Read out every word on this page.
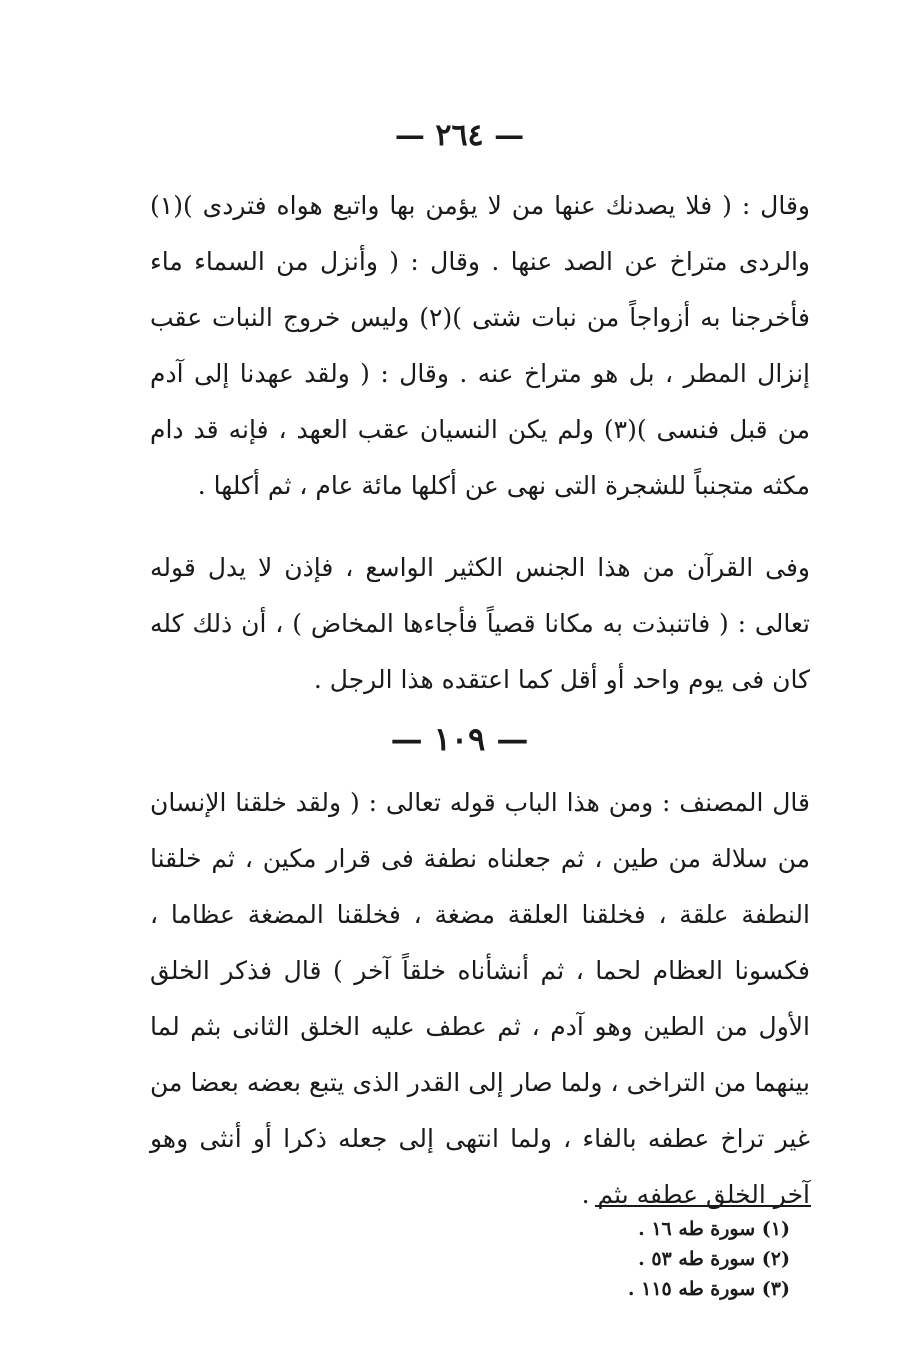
— ٢٦٤ —

وقال : ( فلا يصدنك عنها من لا يؤمن بها واتبع هواه فتردى )(١) والردى متراخ عن الصد عنها . وقال : ( وأنزل من السماء ماء فأخرجنا به أزواجاً من نبات شتى )(٢) وليس خروج النبات عقب إنزال المطر ، بل هو متراخ عنه . وقال : ( ولقد عهدنا إلى آدم من قبل فنسى )(٣) ولم يكن النسيان عقب العهد ، فإنه قد دام مكثه متجنباً للشجرة التى نهى عن أكلها مائة عام ، ثم أكلها .

وفى القرآن من هذا الجنس الكثير الواسع ، فإذن لا يدل قوله تعالى : ( فاتنبذت به مكانا قصياً فأجاءها المخاض ) ، أن ذلك كله كان فى يوم واحد أو أقل كما اعتقده هذا الرجل .

— ١٠٩ —

قال المصنف : ومن هذا الباب قوله تعالى : ( ولقد خلقنا الإنسان من سلالة من طين ، ثم جعلناه نطفة فى قرار مكين ، ثم خلقنا النطفة علقة ، فخلقنا العلقة مضغة ، فخلقنا المضغة عظاما ، فكسونا العظام لحما ، ثم أنشأناه خلقاً آخر ) قال فذكر الخلق الأول من الطين وهو آدم ، ثم عطف عليه الخلق الثانى بثم لما بينهما من التراخى ، ولما صار إلى القدر الذى يتبع بعضه بعضا من غير تراخ عطفه بالفاء ، ولما انتهى إلى جعله ذكرا أو أنثى وهو آخر الخلق عطفه بثم .

(١) سورة طه ١٦ .
(٢) سورة طه ٥٣ .
(٣) سورة طه ١١٥ .
